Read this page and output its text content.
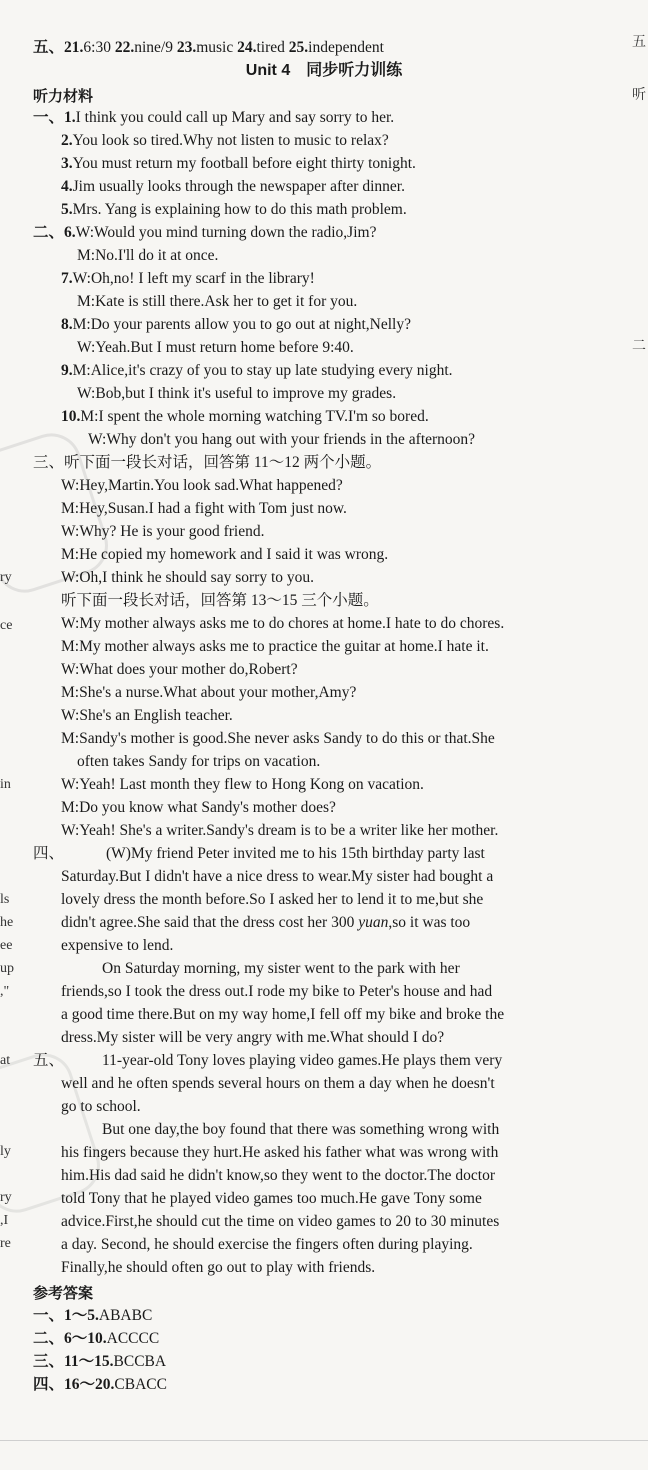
五、21.6:30 22.nine/9 23.music 24.tired 25.independent
Unit 4　同步听力训练
听力材料
一、1.I think you could call up Mary and say sorry to her.
2.You look so tired.Why not listen to music to relax?
3.You must return my football before eight thirty tonight.
4.Jim usually looks through the newspaper after dinner.
5.Mrs. Yang is explaining how to do this math problem.
二、6.W:Would you mind turning down the radio,Jim?
M:No.I'll do it at once.
7.W:Oh,no! I left my scarf in the library!
M:Kate is still there.Ask her to get it for you.
8.M:Do your parents allow you to go out at night,Nelly?
W:Yeah.But I must return home before 9:40.
9.M:Alice,it's crazy of you to stay up late studying every night.
W:Bob,but I think it's useful to improve my grades.
10.M:I spent the whole morning watching TV.I'm so bored.
W:Why don't you hang out with your friends in the afternoon?
三、听下面一段长对话，回答第 11～12 两个小题。
W:Hey,Martin.You look sad.What happened?
M:Hey,Susan.I had a fight with Tom just now.
W:Why? He is your good friend.
M:He copied my homework and I said it was wrong.
W:Oh,I think he should say sorry to you.
听下面一段长对话，回答第 13～15 三个小题。
W:My mother always asks me to do chores at home.I hate to do chores.
M:My mother always asks me to practice the guitar at home.I hate it.
W:What does your mother do,Robert?
M:She's a nurse.What about your mother,Amy?
W:She's an English teacher.
M:Sandy's mother is good.She never asks Sandy to do this or that.She
often takes Sandy for trips on vacation.
W:Yeah! Last month they flew to Hong Kong on vacation.
M:Do you know what Sandy's mother does?
W:Yeah! She's a writer.Sandy's dream is to be a writer like her mother.
四、	(W)My friend Peter invited me to his 15th birthday party last
Saturday.But I didn't have a nice dress to wear.My sister had bought a
lovely dress the month before.So I asked her to lend it to me,but she
didn't agree.She said that the dress cost her 300 yuan,so it was too
expensive to lend.
On Saturday morning, my sister went to the park with her
friends,so I took the dress out.I rode my bike to Peter's house and had
a good time there.But on my way home,I fell off my bike and broke the
dress.My sister will be very angry with me.What should I do?
五、 11-year-old Tony loves playing video games.He plays them very
well and he often spends several hours on them a day when he doesn't
go to school.
But one day,the boy found that there was something wrong with
his fingers because they hurt.He asked his father what was wrong with
him.His dad said he didn't know,so they went to the doctor.The doctor
told Tony that he played video games too much.He gave Tony some
advice.First,he should cut the time on video games to 20 to 30 minutes
a day. Second, he should exercise the fingers often during playing.
Finally,he should often go out to play with friends.
参考答案
一、1～5.ABABC
二、6～10.ACCCC
三、11～15.BCCBA
四、16～20.CBACC
ry
ce
in
ls
he
ee
up
,"
at
ly
ry
,I
re
五
听
二
